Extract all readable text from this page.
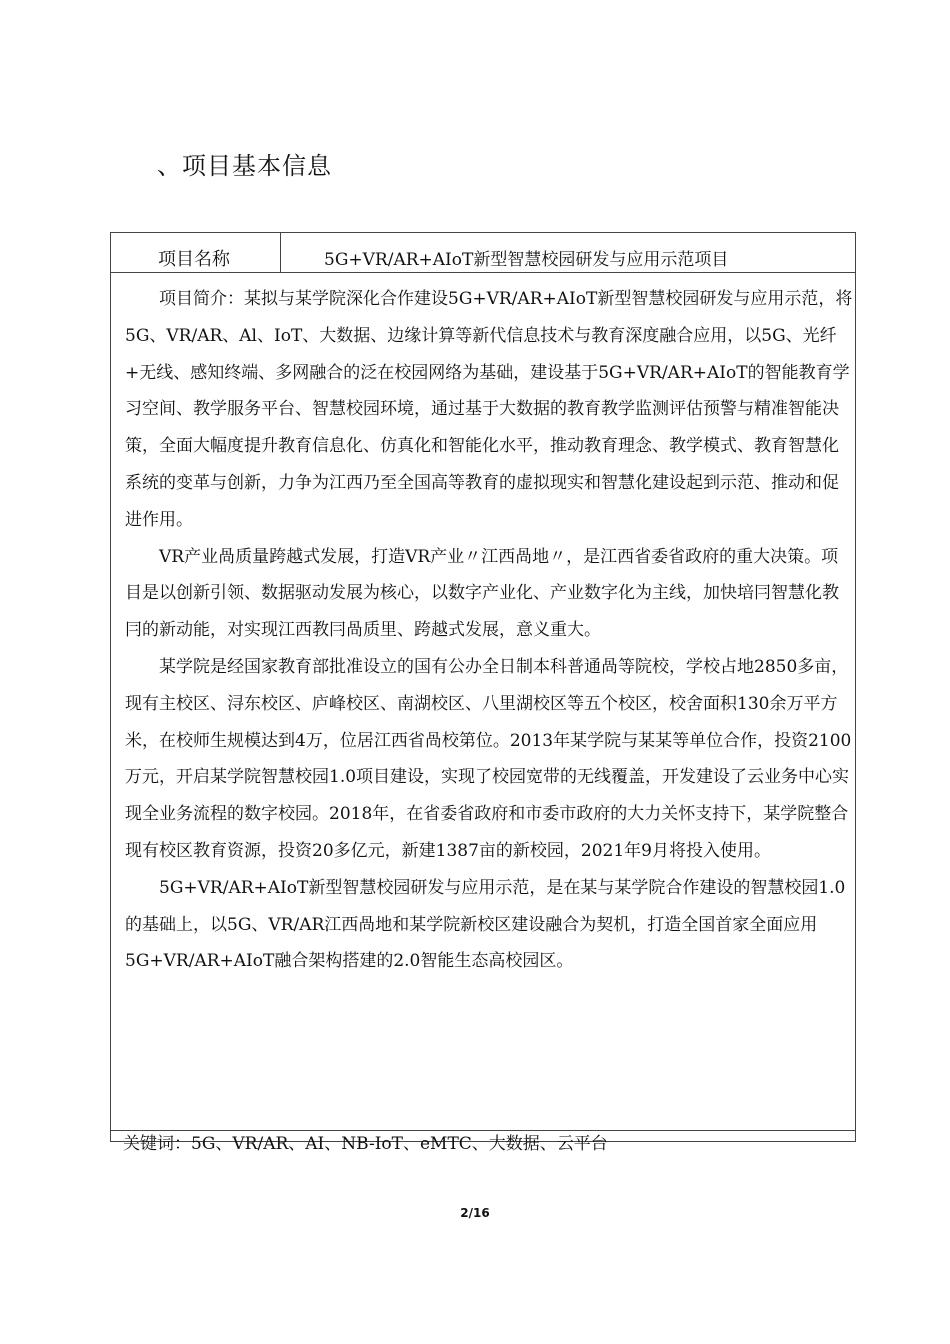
、项目基本信息
项目名称	5G+VR/AR+AIoT新型智慧校园研发与应用示范项目

项目简介：某拟与某学院深化合作建设5G+VR/AR+AIoT新型智慧校园研发与应用示范，将5G、VR/AR、Al、IoT、大数据、边缘计算等新代信息技术与教育深度融合应用，以5G、光纤+无线、感知终端、多网融合的泛在校园网络为基础，建设基于5G+VR/AR+AIoT的智能教育学习空间、教学服务平台、智慧校园环境，通过基于大数据的教育教学监测评估预警与精准智能决策，全面大幅度提升教育信息化、仿真化和智能化水平，推动教育理念、教学模式、教育智慧化系统的变革与创新，力争为江西乃至全国高等教育的虚拟现实和智慧化建设起到示范、推动和促进作用。

VR产业咼质量跨越式发展，打造VR产业〃江西咼地〃，是江西省委省政府的重大决策。项目是以创新引领、数据驱动发展为核心，以数字产业化、产业数字化为主线，加快培冃智慧化教冃的新动能，对实现江西教冃咼质里、跨越式发展，意义重大。

某学院是经国家教育部批准设立的国有公办全日制本科普通咼等院校，学校占地2850多亩，现有主校区、浔东校区、庐峰校区、南湖校区、八里湖校区等五个校区，校舍面积130余万平方米，在校师生规模达到4万，位居江西省咼校第位。2013年某学院与某某等单位合作，投资2100万元，开启某学院智慧校园1.0项目建设，实现了校园宽带的无线覆盖，开发建设了云业务中心实现全业务流程的数字校园。2018年，在省委省政府和市委市政府的大力关怀支持下，某学院整合现有校区教育资源，投资20多亿元，新建1387亩的新校园，2021年9月将投入使用。

5G+VR/AR+AIoT新型智慧校园研发与应用示范，是在某与某学院合作建设的智慧校园1.0的基础上，以5G、VR/AR江西咼地和某学院新校区建设融合为契机，打造全国首家全面应用5G+VR/AR+AIoT融合架构搭建的2.0智能生态高校园区。

关键词：5G、VR/AR、AI、NB-IoT、eMTC、大数据、云平台
2/16
